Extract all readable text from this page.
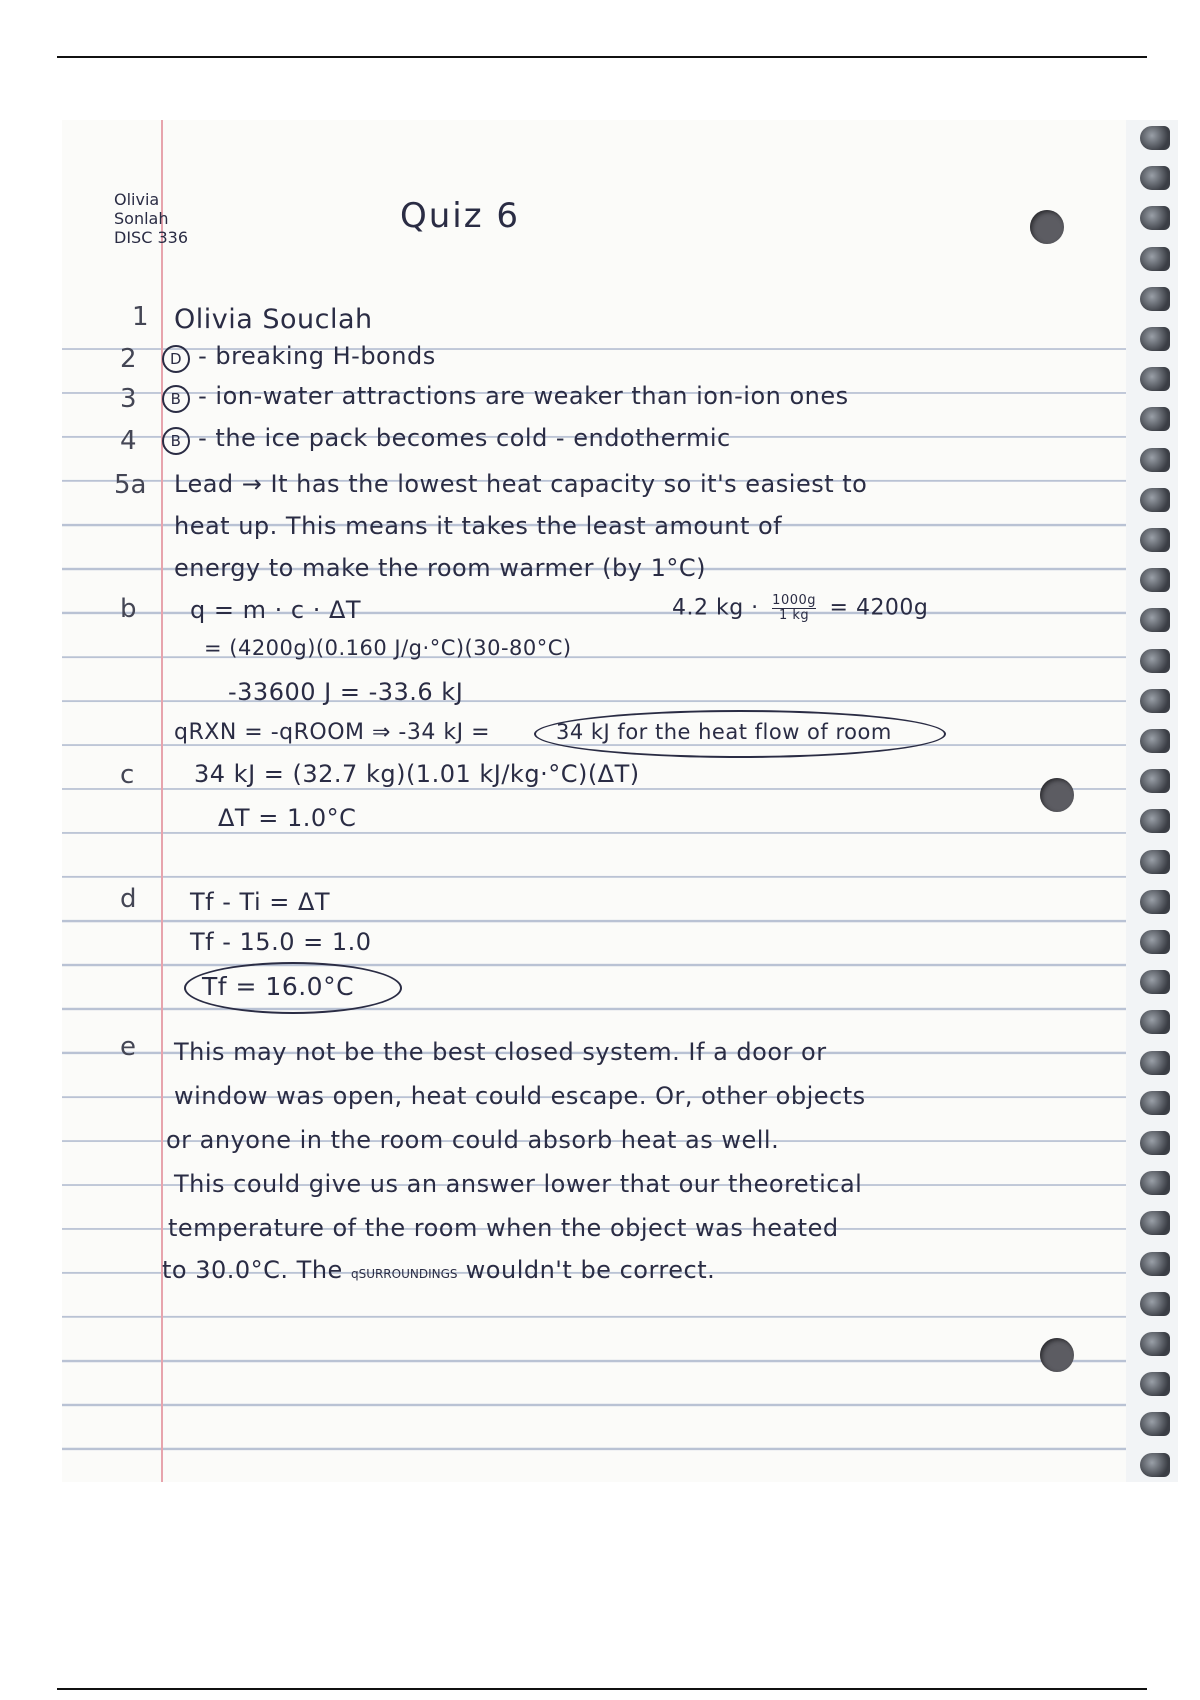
Olivia
Sonlah
DISC 336
Quiz 6
1 Olivia Souclah
2	D - breaking H-bonds
3	B - ion-water attractions are weaker than ion-ion ones
4	B - the ice pack becomes cold - endothermic
5a Lead → It has the lowest heat capacity so it's easiest to
heat up. This means it takes the least amount of
energy to make the room warmer (by 1°C)
b q = m · c · ΔT	4.2 kg · $\frac{1000g}{1 kg} = 4200g$
= (4200g)(0.160 J/g·°C)(30-80°C)
-33600 J = -33.6 kJ
qRXN = -qROOM ⇒ -34 kJ =	34 kJ for the heat flow of room
c 34 kJ = (32.7 kg)(1.01 kJ/kg·°C)(ΔT)
ΔT = 1.0°C
d Tf - Ti = ΔT
Tf - 15.0 = 1.0
Tf = 16.0°C
e This may not be the best closed system. If a door or
window was open, heat could escape. Or, other objects
or anyone in the room could absorb heat as well.
This could give us an answer lower that our theoretical
temperature of the room when the object was heated
to 30.0°C. The qSURROUNDINGS wouldn't be correct.
